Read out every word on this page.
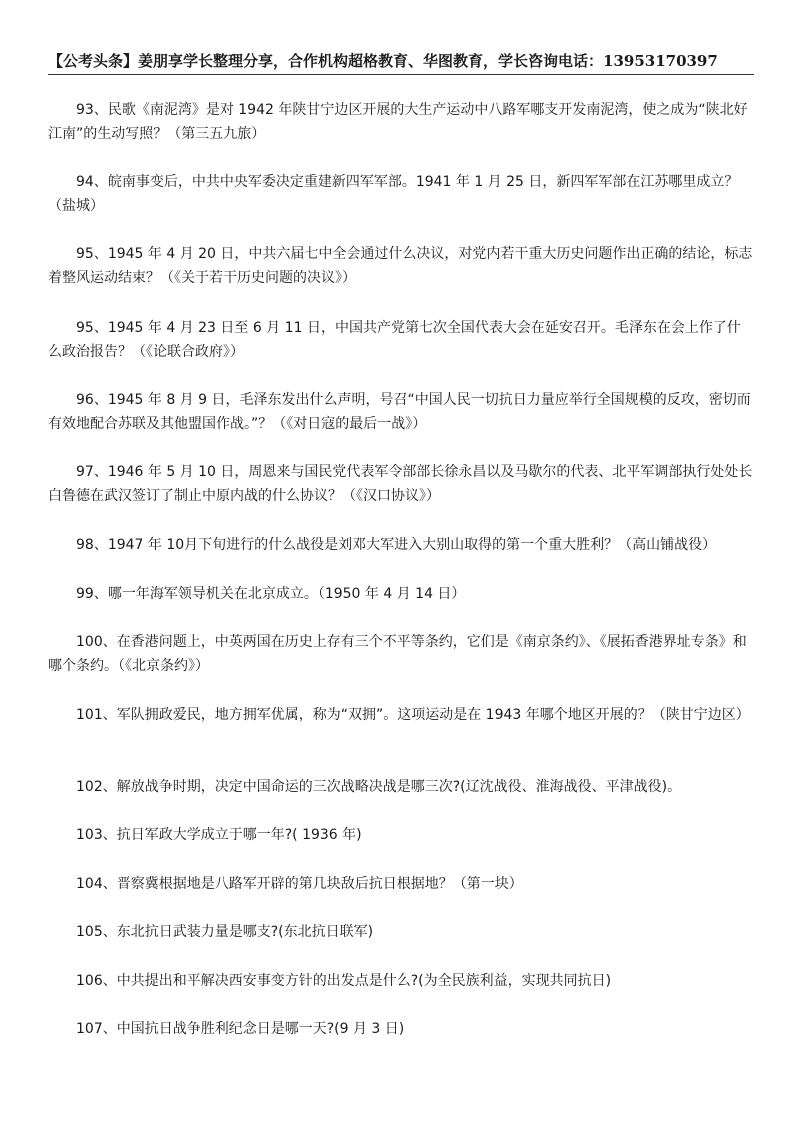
【公考头条】姜朋享学长整理分享，合作机构超格教育、华图教育，学长咨询电话：13953170397
　　93、民歌《南泥湾》是对 1942 年陕甘宁边区开展的大生产运动中八路军哪支开发南泥湾，使之成为“陕北好江南”的生动写照？（第三五九旅）
　　94、皖南事变后，中共中央军委决定重建新四军军部。1941 年 1 月 25 日，新四军军部在江苏哪里成立？（盐城）
　　95、1945 年 4 月 20 日，中共六届七中全会通过什么决议，对党内若干重大历史问题作出正确的结论，标志着整风运动结束？（《关于若干历史问题的决议》）
　　95、1945 年 4 月 23 日至 6 月 11 日，中国共产党第七次全国代表大会在延安召开。毛泽东在会上作了什么政治报告？（《论联合政府》）
　　96、1945 年 8 月 9 日，毛泽东发出什么声明，号召“中国人民一切抗日力量应举行全国规模的反攻，密切而有效地配合苏联及其他盟国作战。”？（《对日寇的最后一战》）
　　97、1946 年 5 月 10 日，周恩来与国民党代表军令部部长徐永昌以及马歇尔的代表、北平军调部执行处处长白鲁德在武汉签订了制止中原内战的什么协议？（《汉口协议》）
　　98、1947 年 10月下旬进行的什么战役是刘邓大军进入大别山取得的第一个重大胜利？（高山铺战役）
　　99、哪一年海军领导机关在北京成立。（1950 年 4 月 14 日）
　　100、在香港问题上，中英两国在历史上存有三个不平等条约，它们是《南京条约》、《展拓香港界址专条》和哪个条约。（《北京条约》）
　　101、军队拥政爱民，地方拥军优属，称为“双拥”。这项运动是在 1943 年哪个地区开展的？（陕甘宁边区）
　　102、解放战争时期，决定中国命运的三次战略决战是哪三次?(辽沈战役、淮海战役、平津战役)。
　　103、抗日军政大学成立于哪一年?( 1936 年)
　　104、晋察冀根据地是八路军开辟的第几块敌后抗日根据地？（第一块）
　　105、东北抗日武装力量是哪支?(东北抗日联军)
　　106、中共提出和平解决西安事变方针的出发点是什么?(为全民族利益，实现共同抗日)
　　107、中国抗日战争胜利纪念日是哪一天?(9 月 3 日)
